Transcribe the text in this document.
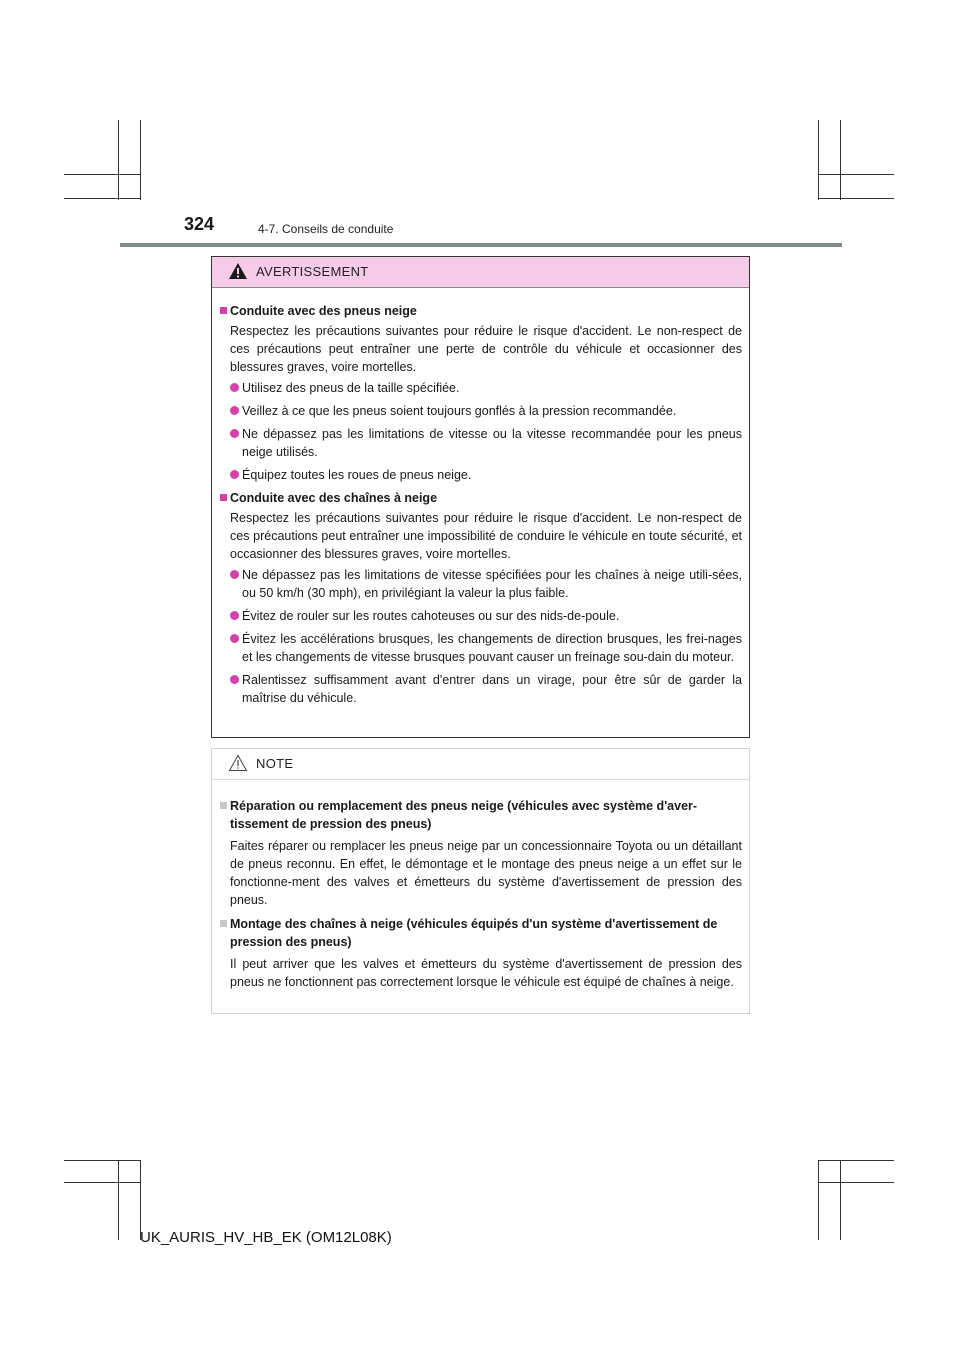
324	4-7. Conseils de conduite
AVERTISSEMENT
Conduite avec des pneus neige
Respectez les précautions suivantes pour réduire le risque d'accident. Le non-respect de ces précautions peut entraîner une perte de contrôle du véhicule et occasionner des blessures graves, voire mortelles.
Utilisez des pneus de la taille spécifiée.
Veillez à ce que les pneus soient toujours gonflés à la pression recommandée.
Ne dépassez pas les limitations de vitesse ou la vitesse recommandée pour les pneus neige utilisés.
Équipez toutes les roues de pneus neige.
Conduite avec des chaînes à neige
Respectez les précautions suivantes pour réduire le risque d'accident. Le non-respect de ces précautions peut entraîner une impossibilité de conduire le véhicule en toute sécurité, et occasionner des blessures graves, voire mortelles.
Ne dépassez pas les limitations de vitesse spécifiées pour les chaînes à neige utili-sées, ou 50 km/h (30 mph), en privilégiant la valeur la plus faible.
Évitez de rouler sur les routes cahoteuses ou sur des nids-de-poule.
Évitez les accélérations brusques, les changements de direction brusques, les frei-nages et les changements de vitesse brusques pouvant causer un freinage sou-dain du moteur.
Ralentissez suffisamment avant d'entrer dans un virage, pour être sûr de garder la maîtrise du véhicule.
NOTE
Réparation ou remplacement des pneus neige (véhicules avec système d'aver-tissement de pression des pneus)
Faites réparer ou remplacer les pneus neige par un concessionnaire Toyota ou un détaillant de pneus reconnu. En effet, le démontage et le montage des pneus neige a un effet sur le fonctionne-ment des valves et émetteurs du système d'avertissement de pression des pneus.
Montage des chaînes à neige (véhicules équipés d'un système d'avertissement de pression des pneus)
Il peut arriver que les valves et émetteurs du système d'avertissement de pression des pneus ne fonctionnent pas correctement lorsque le véhicule est équipé de chaînes à neige.
UK_AURIS_HV_HB_EK (OM12L08K)
